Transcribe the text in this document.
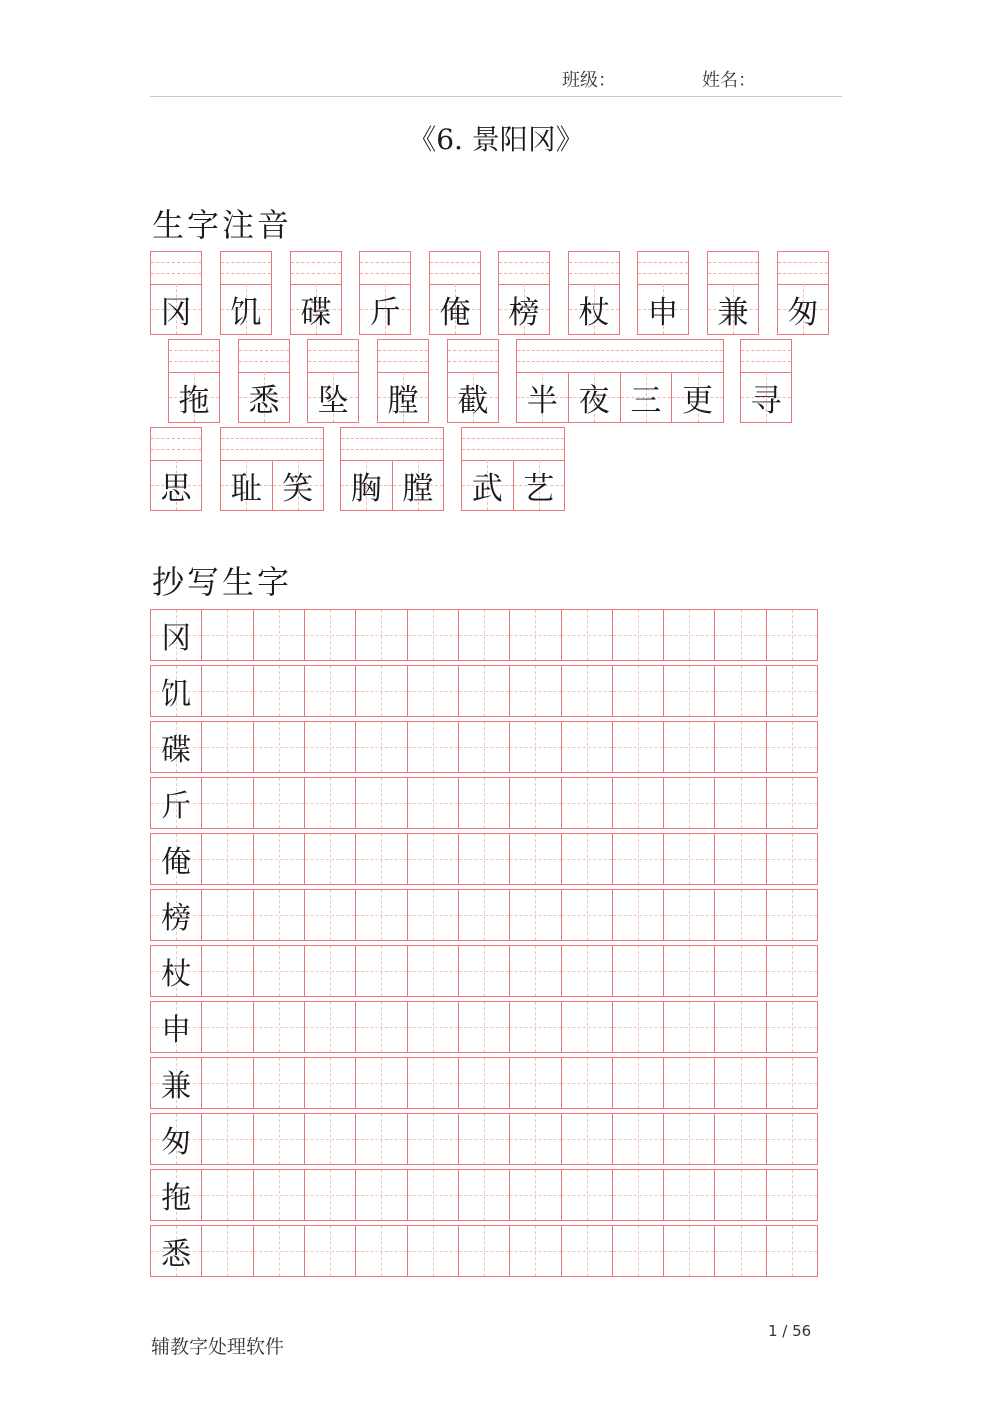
班级：	姓名：
《6. 景阳冈》
生字注音
冈 饥 碟 斤 俺 榜 杖 申 兼 匆
拖 悉 坠 膛 截 半 夜 三 更 寻
思 耻 笑 胸 膛 武 艺
抄写生字
冈
饥
碟
斤
俺
榜
杖
申
兼
匆
拖
悉
辅教字处理软件
1 / 56
